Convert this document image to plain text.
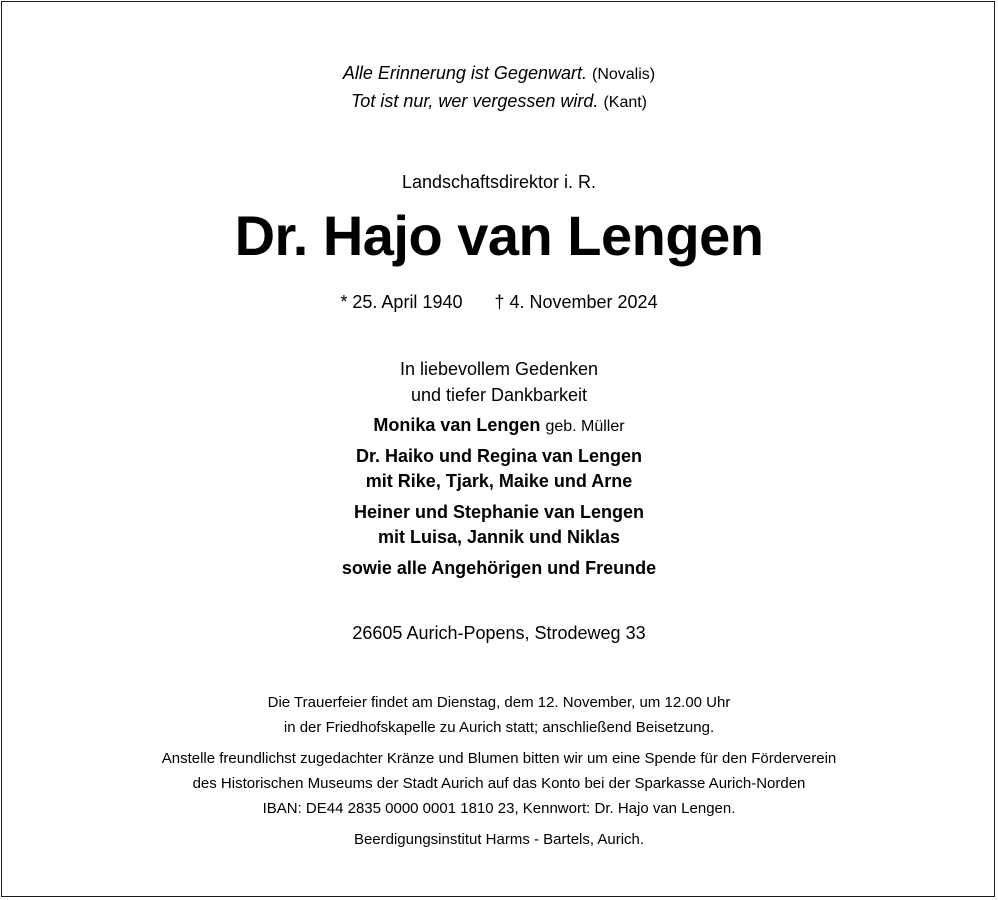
Alle Erinnerung ist Gegenwart. (Novalis)
Tot ist nur, wer vergessen wird. (Kant)
Landschaftsdirektor i. R.
Dr. Hajo van Lengen
* 25. April 1940 † 4. November 2024
In liebevollem Gedenken
und tiefer Dankbarkeit
Monika van Lengen geb. Müller
Dr. Haiko und Regina van Lengen
mit Rike, Tjark, Maike und Arne
Heiner und Stephanie van Lengen
mit Luisa, Jannik und Niklas
sowie alle Angehörigen und Freunde
26605 Aurich-Popens, Strodeweg 33
Die Trauerfeier findet am Dienstag, dem 12. November, um 12.00 Uhr
in der Friedhofskapelle zu Aurich statt; anschließend Beisetzung.
Anstelle freundlichst zugedachter Kränze und Blumen bitten wir um eine Spende für den Förderverein
des Historischen Museums der Stadt Aurich auf das Konto bei der Sparkasse Aurich-Norden
IBAN: DE44 2835 0000 0001 1810 23, Kennwort: Dr. Hajo van Lengen.
Beerdigungsinstitut Harms - Bartels, Aurich.
